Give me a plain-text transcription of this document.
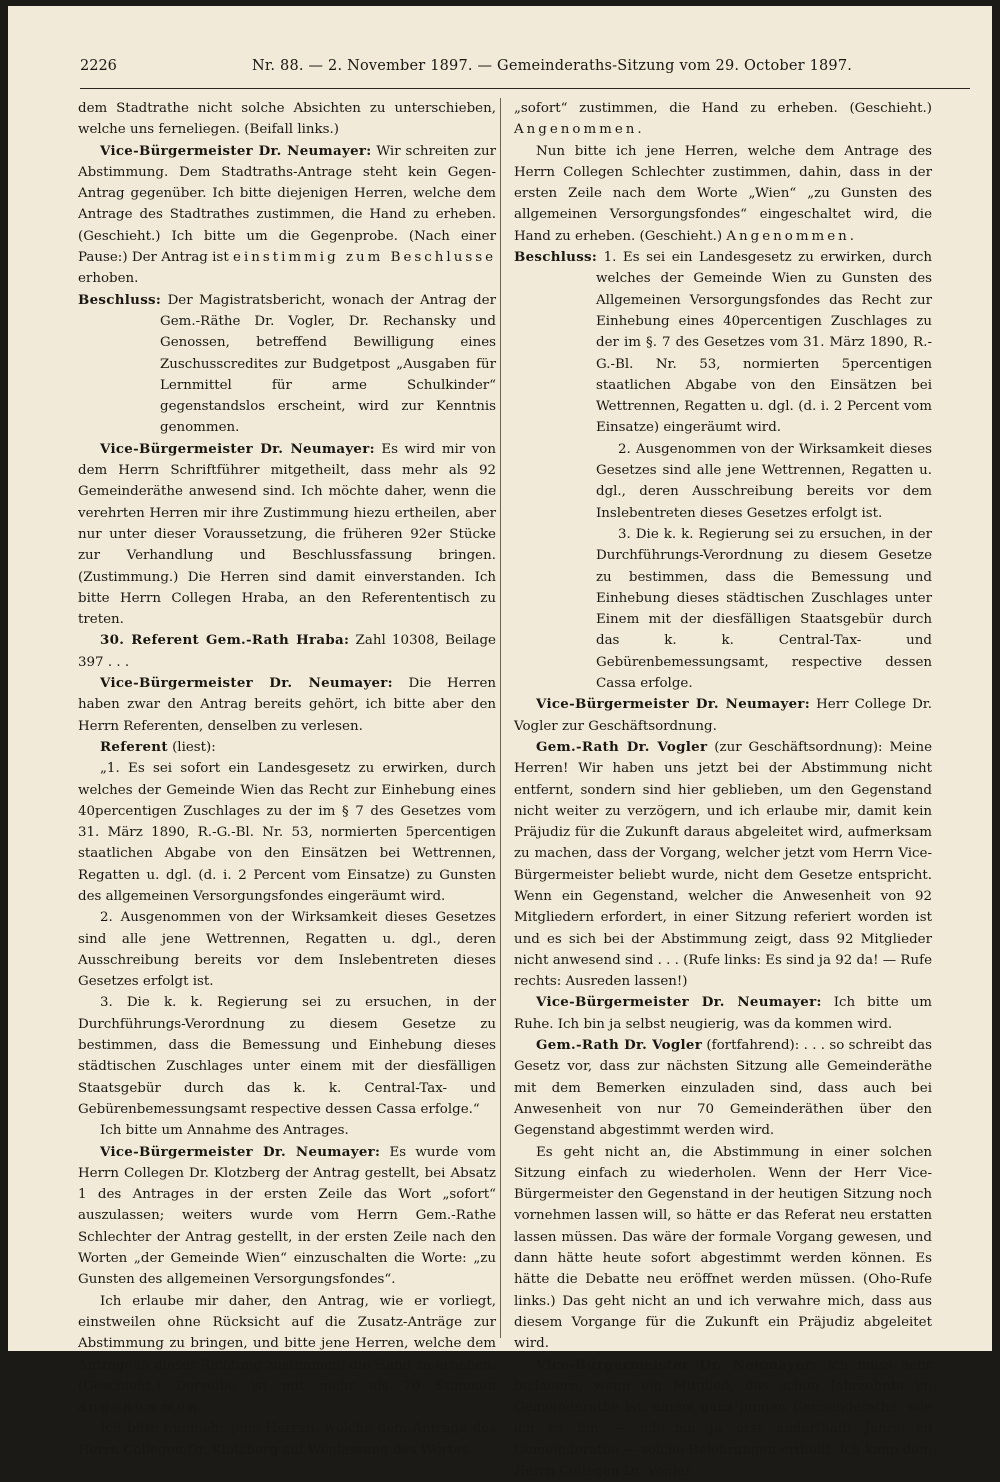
2226	Nr. 88. — 2. November 1897. — Gemeinderaths-Sitzung vom 29. October 1897.

dem Stadtrathe nicht solche Absichten zu unterschieben, welche uns ferneliegen. (Beifall links.)

Vice-Bürgermeister Dr. Neumayer: Wir schreiten zur Abstimmung. Dem Stadtraths-Antrage steht kein Gegen-Antrag gegenüber. Ich bitte diejenigen Herren, welche dem Antrage des Stadtrathes zustimmen, die Hand zu erheben. (Geschieht.) Ich bitte um die Gegenprobe. (Nach einer Pause:) Der Antrag ist einstimmig zum Beschlusse erhoben.

Beschluss: Der Magistratsbericht, wonach der Antrag der Gem.-Räthe Dr. Vogler, Dr. Rechansky und Genossen, betreffend Bewilligung eines Zuschusscredites zur Budgetpost „Ausgaben für Lernmittel für arme Schulkinder“ gegenstandslos erscheint, wird zur Kenntnis genommen.

Vice-Bürgermeister Dr. Neumayer: Es wird mir von dem Herrn Schriftführer mitgetheilt, dass mehr als 92 Gemeinderäthe anwesend sind. Ich möchte daher, wenn die verehrten Herren mir ihre Zustimmung hiezu ertheilen, aber nur unter dieser Voraussetzung, die früheren 92er Stücke zur Verhandlung und Beschlussfassung bringen. (Zustimmung.) Die Herren sind damit einverstanden. Ich bitte Herrn Collegen Hraba, an den Referententisch zu treten.

30. Referent Gem.-Rath Hraba: Zahl 10308, Beilage 397 . . .

Vice-Bürgermeister Dr. Neumayer: Die Herren haben zwar den Antrag bereits gehört, ich bitte aber den Herrn Referenten, denselben zu verlesen.

Referent (liest):

„1. Es sei sofort ein Landesgesetz zu erwirken, durch welches der Gemeinde Wien das Recht zur Einhebung eines 40percentigen Zuschlages zu der im § 7 des Gesetzes vom 31. März 1890, R.-G.-Bl. Nr. 53, normierten 5percentigen staatlichen Abgabe von den Einsätzen bei Wettrennen, Regatten u. dgl. (d. i. 2 Percent vom Einsatze) zu Gunsten des allgemeinen Versorgungsfondes eingeräumt wird.

2. Ausgenommen von der Wirksamkeit dieses Gesetzes sind alle jene Wettrennen, Regatten u. dgl., deren Ausschreibung bereits vor dem Inslebentreten dieses Gesetzes erfolgt ist.

3. Die k. k. Regierung sei zu ersuchen, in der Durchführungs-Verordnung zu diesem Gesetze zu bestimmen, dass die Bemessung und Einhebung dieses städtischen Zuschlages unter einem mit der diesfälligen Staatsgebür durch das k. k. Central-Tax- und Gebürenbemessungsamt respective dessen Cassa erfolge.“

Ich bitte um Annahme des Antrages.

Vice-Bürgermeister Dr. Neumayer: Es wurde vom Herrn Collegen Dr. Klotzberg der Antrag gestellt, bei Absatz 1 des Antrages in der ersten Zeile das Wort „sofort“ auszulassen; weiters wurde vom Herrn Gem.-Rathe Schlechter der Antrag gestellt, in der ersten Zeile nach den Worten „der Gemeinde Wien“ einzuschalten die Worte: „zu Gunsten des allgemeinen Versorgungsfondes“.

Ich erlaube mir daher, den Antrag, wie er vorliegt, einstweilen ohne Rücksicht auf die Zusatz-Anträge zur Abstimmung zu bringen, und bitte jene Herren, welche dem Antrage in dieser Richtung zustimmen, die Hand zu erheben. (Geschieht.) Derselbe ist mit mehr als 70 Stimmen angenommen.

Ich bitte nunmehr jene Herren, welche dem Antrage des Herrn Collegen Dr. Klotzberg auf Weglassung des Wortes

„sofort“ zustimmen, die Hand zu erheben. (Geschieht.) Angenommen.

Nun bitte ich jene Herren, welche dem Antrage des Herrn Collegen Schlechter zustimmen, dahin, dass in der ersten Zeile nach dem Worte „Wien“ „zu Gunsten des allgemeinen Versorgungsfondes“ eingeschaltet wird, die Hand zu erheben. (Geschieht.) Angenommen.

Beschluss: 1. Es sei ein Landesgesetz zu erwirken, durch welches der Gemeinde Wien zu Gunsten des Allgemeinen Versorgungsfondes das Recht zur Einhebung eines 40percentigen Zuschlages zu der im §. 7 des Gesetzes vom 31. März 1890, R.-G.-Bl. Nr. 53, normierten 5percentigen staatlichen Abgabe von den Einsätzen bei Wettrennen, Regatten u. dgl. (d. i. 2 Percent vom Einsatze) eingeräumt wird.

2. Ausgenommen von der Wirksamkeit dieses Gesetzes sind alle jene Wettrennen, Regatten u. dgl., deren Ausschreibung bereits vor dem Inslebentreten dieses Gesetzes erfolgt ist.

3. Die k. k. Regierung sei zu ersuchen, in der Durchführungs-Verordnung zu diesem Gesetze zu bestimmen, dass die Bemessung und Einhebung dieses städtischen Zuschlages unter Einem mit der diesfälligen Staatsgebür durch das k. k. Central-Tax- und Gebürenbemessungsamt, respective dessen Cassa erfolge.

Vice-Bürgermeister Dr. Neumayer: Herr College Dr. Vogler zur Geschäftsordnung.

Gem.-Rath Dr. Vogler (zur Geschäftsordnung): Meine Herren! Wir haben uns jetzt bei der Abstimmung nicht entfernt, sondern sind hier geblieben, um den Gegenstand nicht weiter zu verzögern, und ich erlaube mir, damit kein Präjudiz für die Zukunft daraus abgeleitet wird, aufmerksam zu machen, dass der Vorgang, welcher jetzt vom Herrn Vice-Bürgermeister beliebt wurde, nicht dem Gesetze entspricht. Wenn ein Gegenstand, welcher die Anwesenheit von 92 Mitgliedern erfordert, in einer Sitzung referiert worden ist und es sich bei der Abstimmung zeigt, dass 92 Mitglieder nicht anwesend sind . . . (Rufe links: Es sind ja 92 da! — Rufe rechts: Ausreden lassen!)

Vice-Bürgermeister Dr. Neumayer: Ich bitte um Ruhe. Ich bin ja selbst neugierig, was da kommen wird.

Gem.-Rath Dr. Vogler (fortfahrend): . . . so schreibt das Gesetz vor, dass zur nächsten Sitzung alle Gemeinderäthe mit dem Bemerken einzuladen sind, dass auch bei Anwesenheit von nur 70 Gemeinderäthen über den Gegenstand abgestimmt werden wird.

Es geht nicht an, die Abstimmung in einer solchen Sitzung einfach zu wiederholen. Wenn der Herr Vice-Bürgermeister den Gegenstand in der heutigen Sitzung noch vornehmen lassen will, so hätte er das Referat neu erstatten lassen müssen. Das wäre der formale Vorgang gewesen, und dann hätte heute sofort abgestimmt werden können. Es hätte die Debatte neu eröffnet werden müssen. (Oho-Rufe links.) Das geht nicht an und ich verwahre mich, dass aus diesem Vorgange für die Zukunft ein Präjudiz abgeleitet wird.

Vice-Bürgermeister Dr. Neumayer: Ich muss sehr bedauern, wenn ein Mitglied, das schon Jahrzehnte im Gemeinderathe ist, einem ganz jungen Gemeinderathe, wie ich es bin — ich bin ja erst anderthalb Jahre im Gemeinderathe — solche Belehrungen ertheilt. Ich kann dem Herrn Collegen Dr. Vogler
